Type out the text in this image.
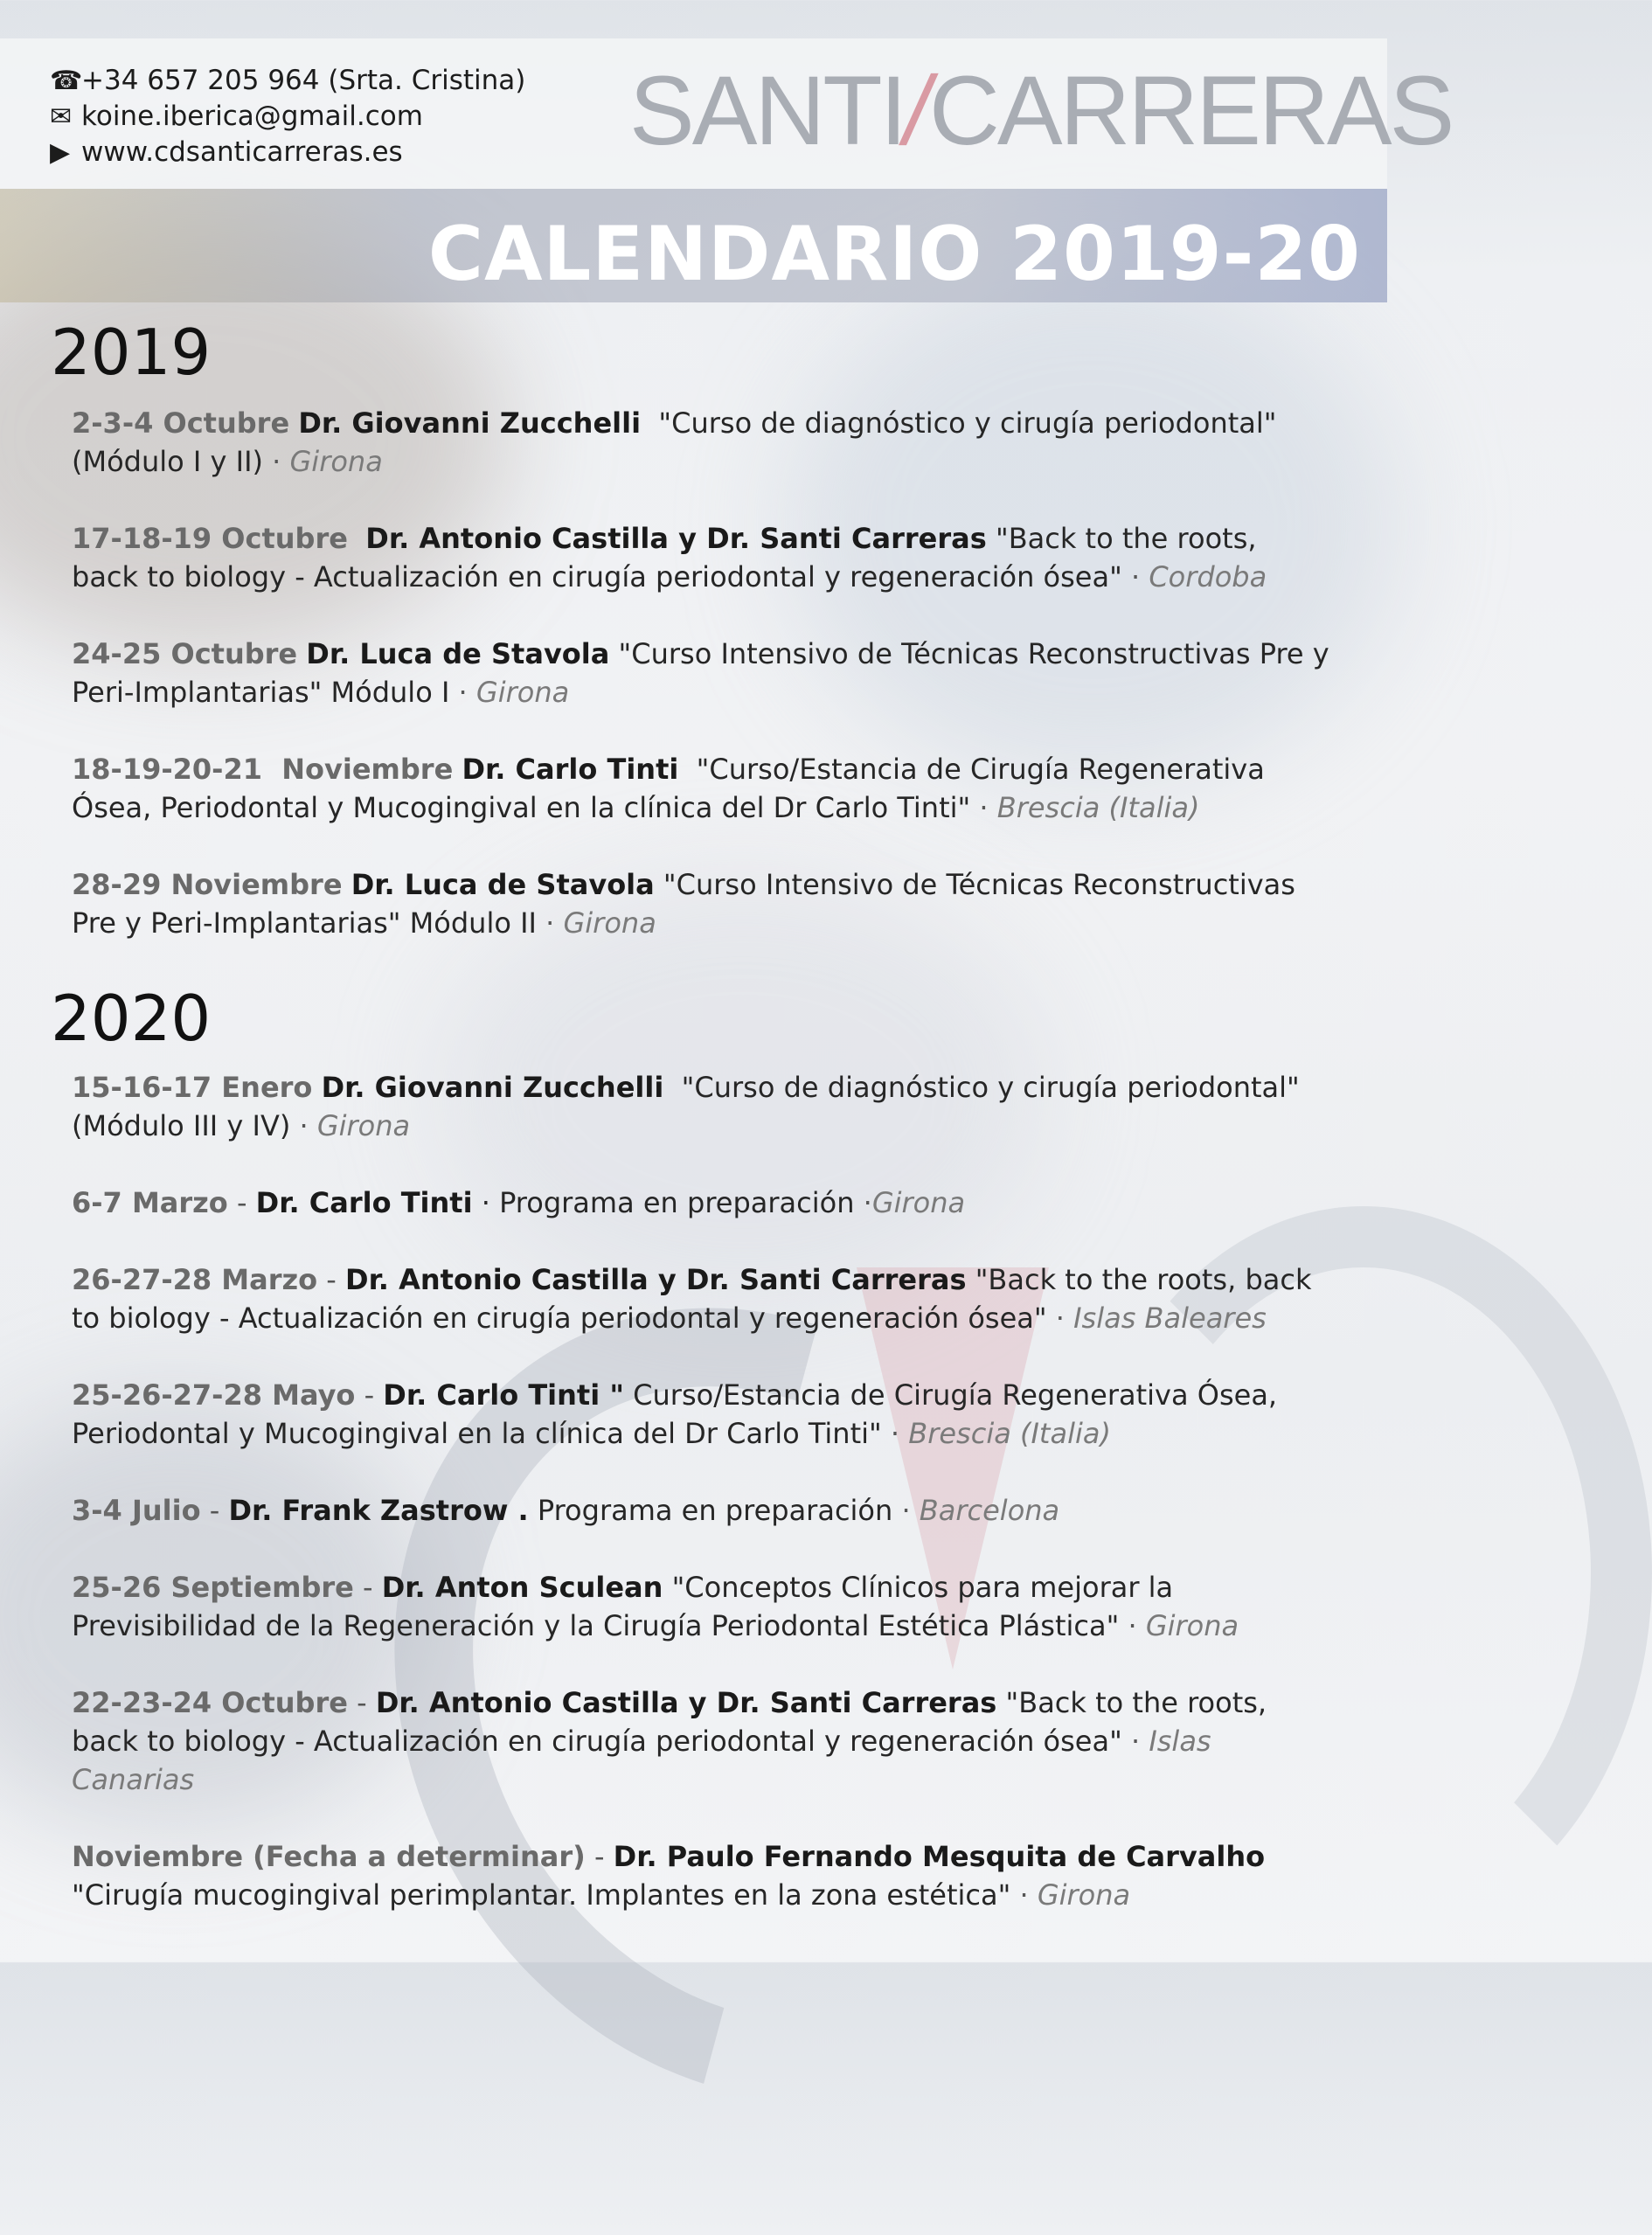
☎
+34 657 205 964 (Srta. Cristina)
✉ koine.iberica@gmail.com
▶ www.cdsanticarreras.es SANTI/CARRERAS
CALENDARIO 2019-20
2019
2-3-4 Octubre Dr. Giovanni Zucchelli  "Curso de diagnóstico y cirugía periodontal" (Módulo I y II) · Girona
17-18-19 Octubre Dr. Antonio Castilla y Dr. Santi Carreras "Back to the roots, back to biology - Actualización en cirugía periodontal y regeneración ósea" · Cordoba
24-25 Octubre Dr. Luca de Stavola "Curso Intensivo de Técnicas Reconstructivas Pre y Peri-Implantarias" Módulo I · Girona
18-19-20-21  Noviembre Dr. Carlo Tinti  "Curso/Estancia de Cirugía Regenerativa Ósea, Periodontal y Mucogingival en la clínica del Dr Carlo Tinti" · Brescia (Italia)
28-29 Noviembre Dr. Luca de Stavola "Curso Intensivo de Técnicas Reconstructivas Pre y Peri-Implantarias" Módulo II · Girona
2020
15-16-17 Enero Dr. Giovanni Zucchelli  "Curso de diagnóstico y cirugía periodontal" (Módulo III y IV) · Girona
6-7 Marzo - Dr. Carlo Tinti · Programa en preparación ·Girona
26-27-28 Marzo - Dr. Antonio Castilla y Dr. Santi Carreras "Back to the roots, back to biology - Actualización en cirugía periodontal y regeneración ósea" · Islas Baleares
25-26-27-28 Mayo - Dr. Carlo Tinti " Curso/Estancia de Cirugía Regenerativa Ósea, Periodontal y Mucogingival en la clínica del Dr Carlo Tinti" · Brescia (Italia)
3-4 Julio - Dr. Frank Zastrow . Programa en preparación · Barcelona
25-26 Septiembre - Dr. Anton Sculean "Conceptos Clínicos para mejorar la Previsibilidad de la Regeneración y la Cirugía Periodontal Estética Plástica" · Girona
22-23-24 Octubre - Dr. Antonio Castilla y Dr. Santi Carreras "Back to the roots, back to biology - Actualización en cirugía periodontal y regeneración ósea" · Islas Canarias
Noviembre (Fecha a determinar) - Dr. Paulo Fernando Mesquita de Carvalho "Cirugía mucogingival perimplantar. Implantes en la zona estética" · Girona
